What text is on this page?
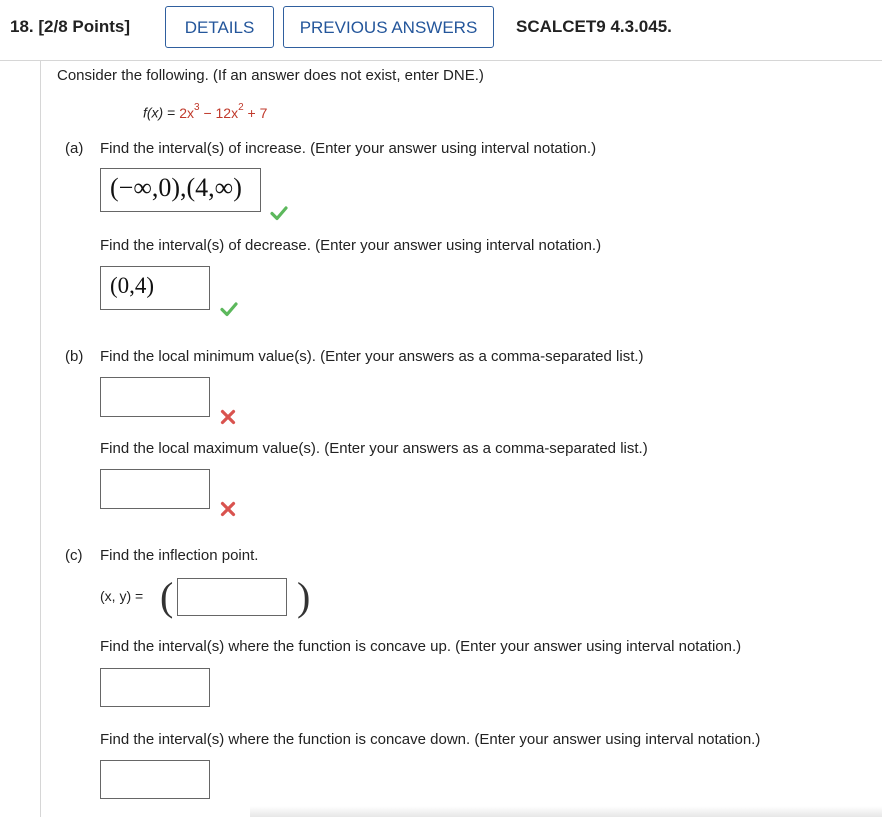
18. [2/8 Points]	DETAILS	PREVIOUS ANSWERS	SCALCET9 4.3.045.
Consider the following. (If an answer does not exist, enter DNE.)
$f(x) = 2x^3 - 12x^2 + 7$
(a) Find the interval(s) of increase. (Enter your answer using interval notation.)
(−∞,0),(4,∞)
Find the interval(s) of decrease. (Enter your answer using interval notation.)
(0,4)
(b) Find the local minimum value(s). (Enter your answers as a comma-separated list.)
Find the local maximum value(s). (Enter your answers as a comma-separated list.)
(c) Find the inflection point.
(x, y) = (	)
Find the interval(s) where the function is concave up. (Enter your answer using interval notation.)
Find the interval(s) where the function is concave down. (Enter your answer using interval notation.)
